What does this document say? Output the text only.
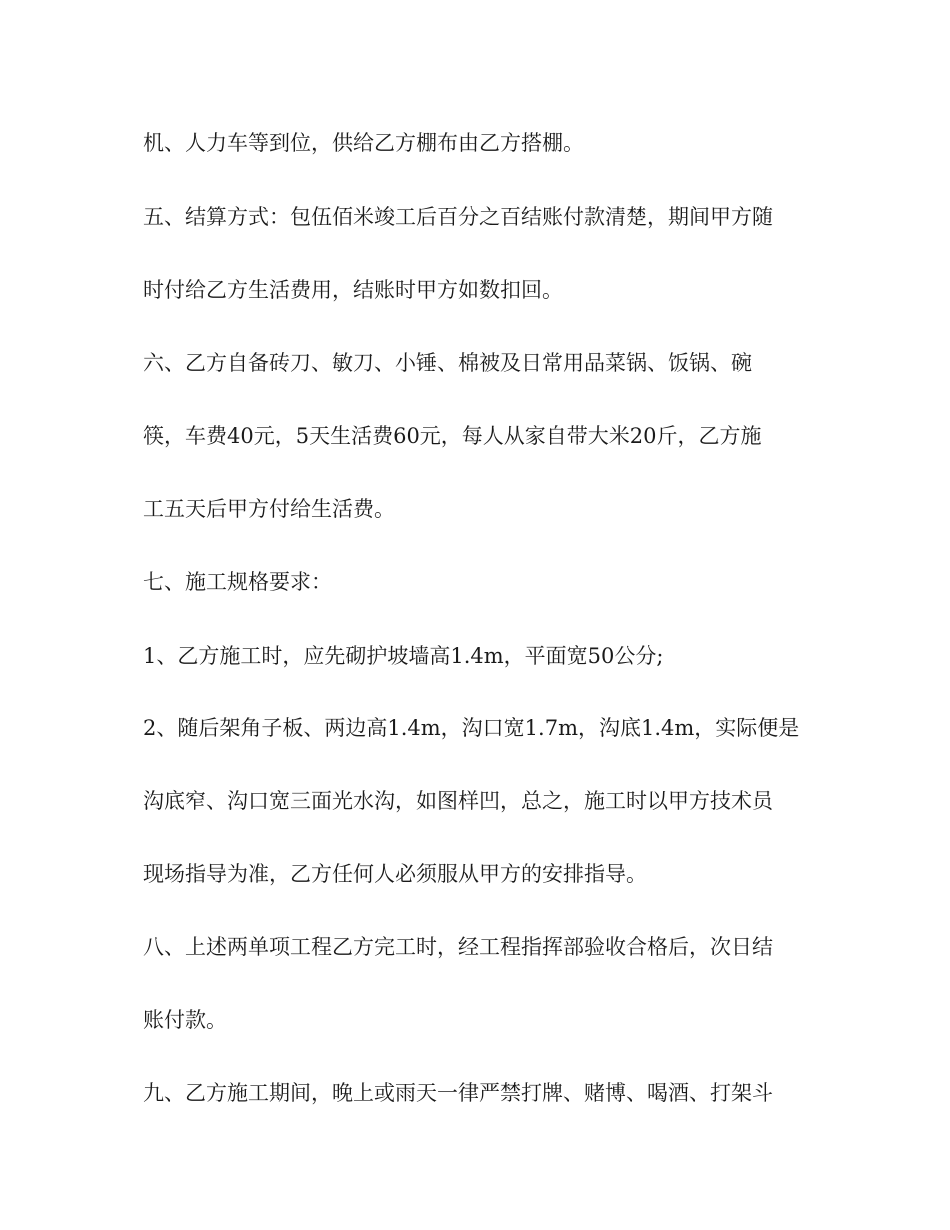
机、人力车等到位，供给乙方棚布由乙方搭棚。
五、结算方式：包伍佰米竣工后百分之百结账付款清楚，期间甲方随
时付给乙方生活费用，结账时甲方如数扣回。
六、乙方自备砖刀、敏刀、小锤、棉被及日常用品菜锅、饭锅、碗
筷，车费40元，5天生活费60元，每人从家自带大米20斤，乙方施
工五天后甲方付给生活费。
七、施工规格要求：
1、乙方施工时，应先砌护坡墙高1.4m，平面宽50公分;
2、随后架角子板、两边高1.4m，沟口宽1.7m，沟底1.4m，实际便是
沟底窄、沟口宽三面光水沟，如图样凹，总之，施工时以甲方技术员
现场指导为准，乙方任何人必须服从甲方的安排指导。
八、上述两单项工程乙方完工时，经工程指挥部验收合格后，次日结
账付款。
九、乙方施工期间，晚上或雨天一律严禁打牌、赌博、喝酒、打架斗
